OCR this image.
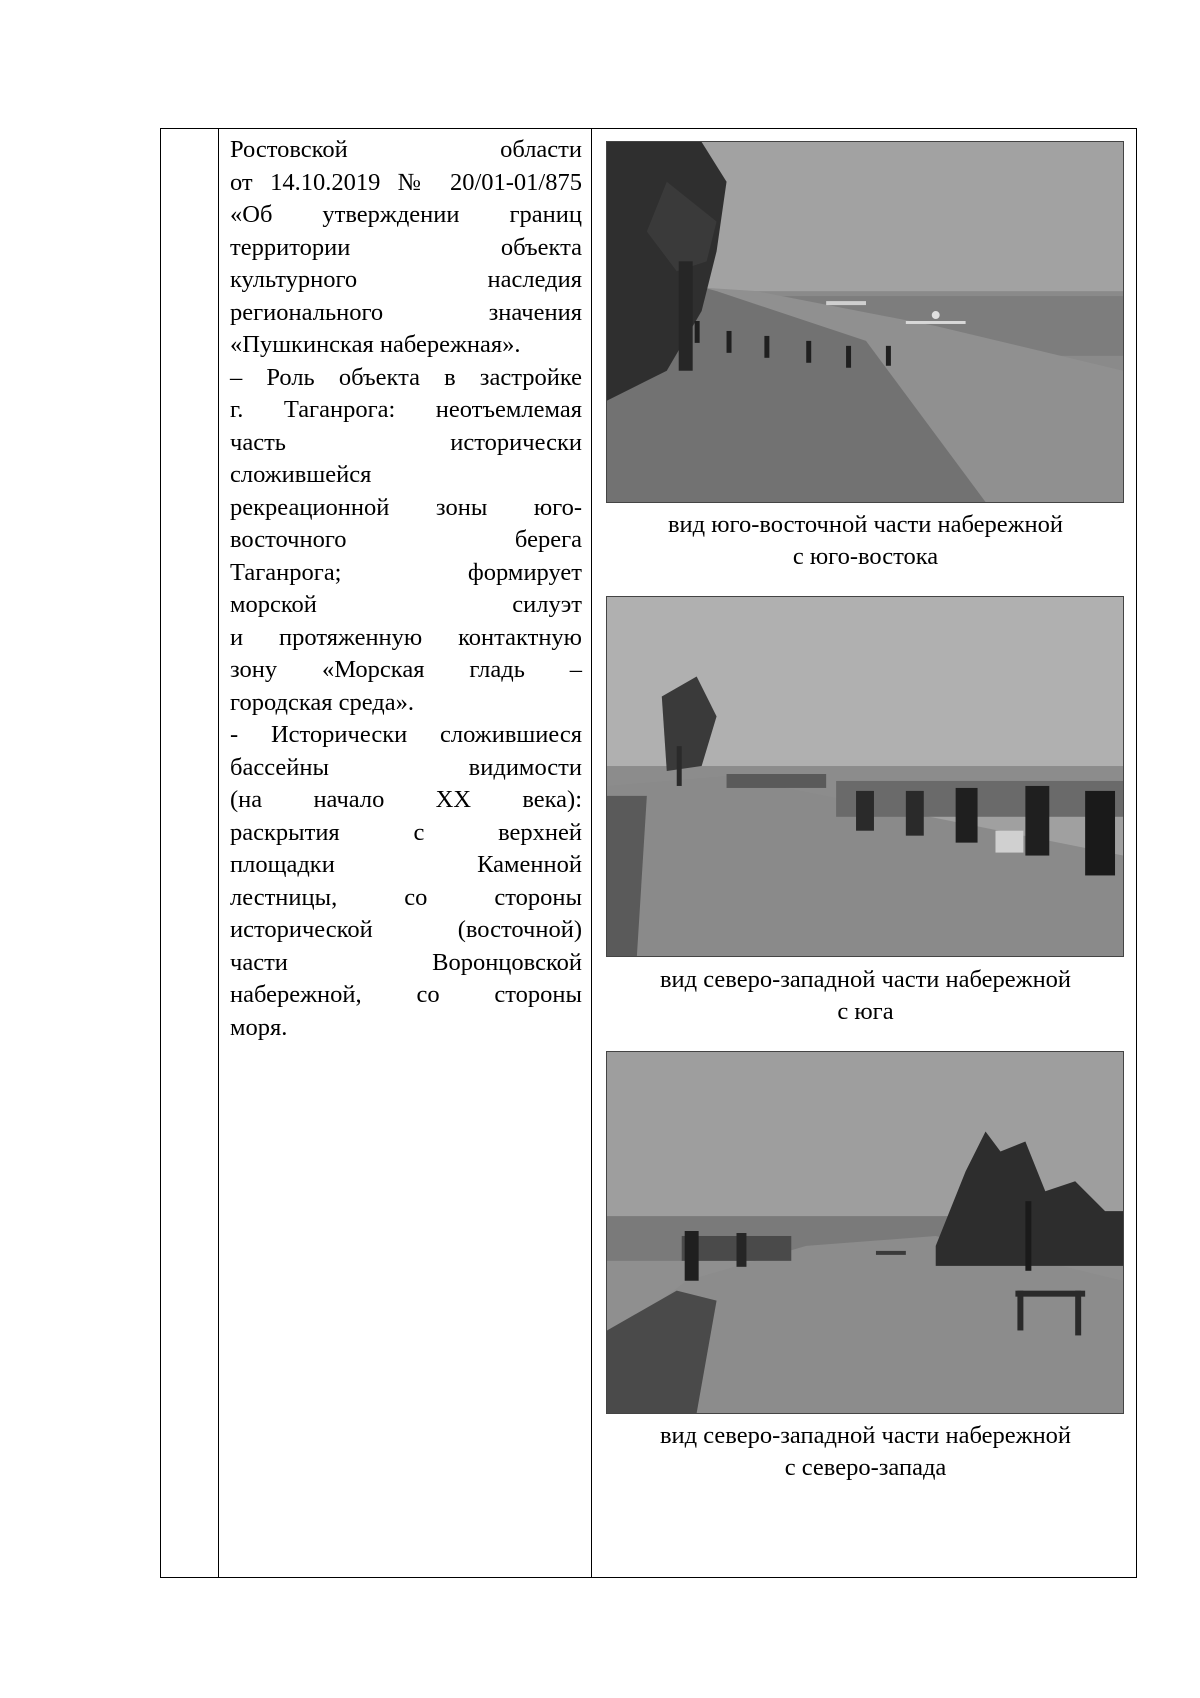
Ростовской области

от 14.10.2019 № 20/01-01/875

«Об утверждении границ

территории объекта

культурного наследия

регионального значения

«Пушкинская набережная».

– Роль объекта в застройке

г. Таганрога: неотъемлемая

часть исторически

сложившейся

рекреационной зоны юго-

восточного берега

Таганрога; формирует

морской силуэт

и протяженную контактную

зону «Морская гладь –

городская среда».

- Исторически сложившиеся

бассейны видимости

(на начало XX века):

раскрытия с верхней

площадки Каменной

лестницы, со стороны

исторической (восточной)

части Воронцовской

набережной, со стороны

моря.

вид юго-восточной части набережной
с юго-востока
вид северо-западной части набережной
с юга
вид северо-западной части набережной
с северо-запада
